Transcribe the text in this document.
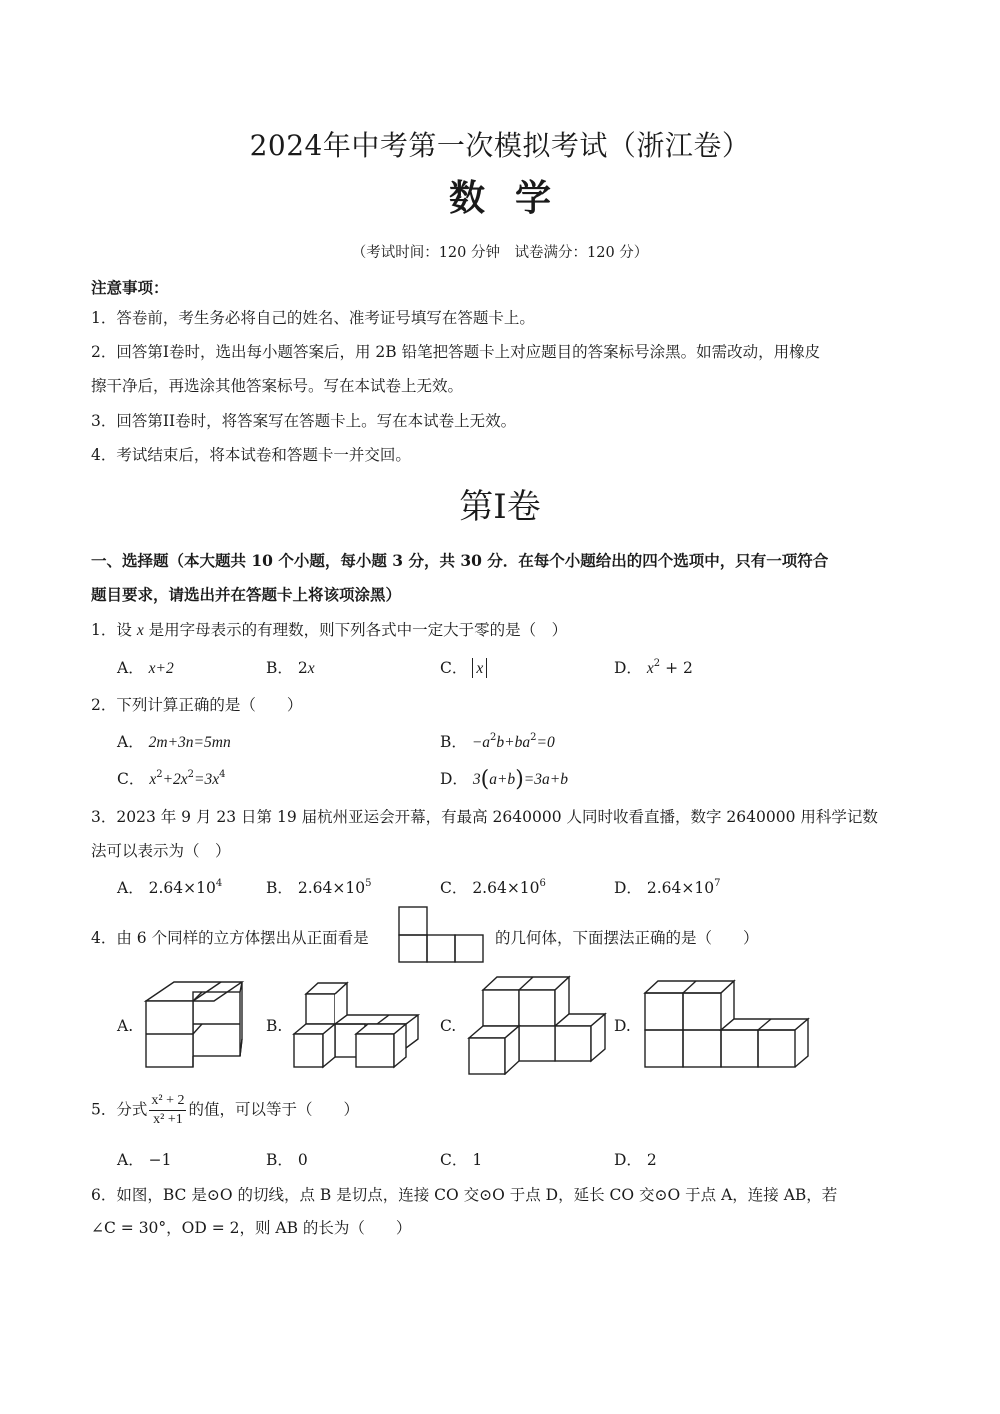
2024年中考第一次模拟考试（浙江卷）
数学
（考试时间：120 分钟　试卷满分：120 分）
注意事项：
1．答卷前，考生务必将自己的姓名、准考证号填写在答题卡上。
2．回答第I卷时，选出每小题答案后，用 2B 铅笔把答题卡上对应题目的答案标号涂黑。如需改动，用橡皮
擦干净后，再选涂其他答案标号。写在本试卷上无效。
3．回答第II卷时，将答案写在答题卡上。写在本试卷上无效。
4．考试结束后，将本试卷和答题卡一并交回。
第I卷
一、选择题（本大题共 10 个小题，每小题 3 分，共 30 分．在每个小题给出的四个选项中，只有一项符合
题目要求，请选出并在答题卡上将该项涂黑）
1．设 x 是用字母表示的有理数，则下列各式中一定大于零的是（　）
A． x+2	B． 2x	C． x	D． $x^2 + 2$
2．下列计算正确的是（　　）
A． 2m+3n=5mn	B． $-a^2b+ba^2=0$
C． $x^2+2x^2=3x^4$	D． 3(a+b)=3a+b
3．2023 年 9 月 23 日第 19 届杭州亚运会开幕，有最高 2640000 人同时收看直播，数字 2640000 用科学记数
法可以表示为（　）
A． $2.64\times 10^4$	B． $2.64\times 10^5$	C． $2.64\times 10^6$	D． $2.64\times 10^7$
4．由 6 个同样的立方体摆出从正面看是	的几何体，下面摆法正确的是（　　）
A.	B.	C.	D.
5．分式 $\frac{\text{x² + 2}}{\text{x² +1}}$ 的值，可以等于（　　）
A． −1	B． 0	C． 1	D． 2
6．如图，BC 是⊙O 的切线，点 B 是切点，连接 CO 交⊙O 于点 D，延长 CO 交⊙O 于点 A，连接 AB，若
∠C = 30°，OD = 2，则 AB 的长为（　　）
